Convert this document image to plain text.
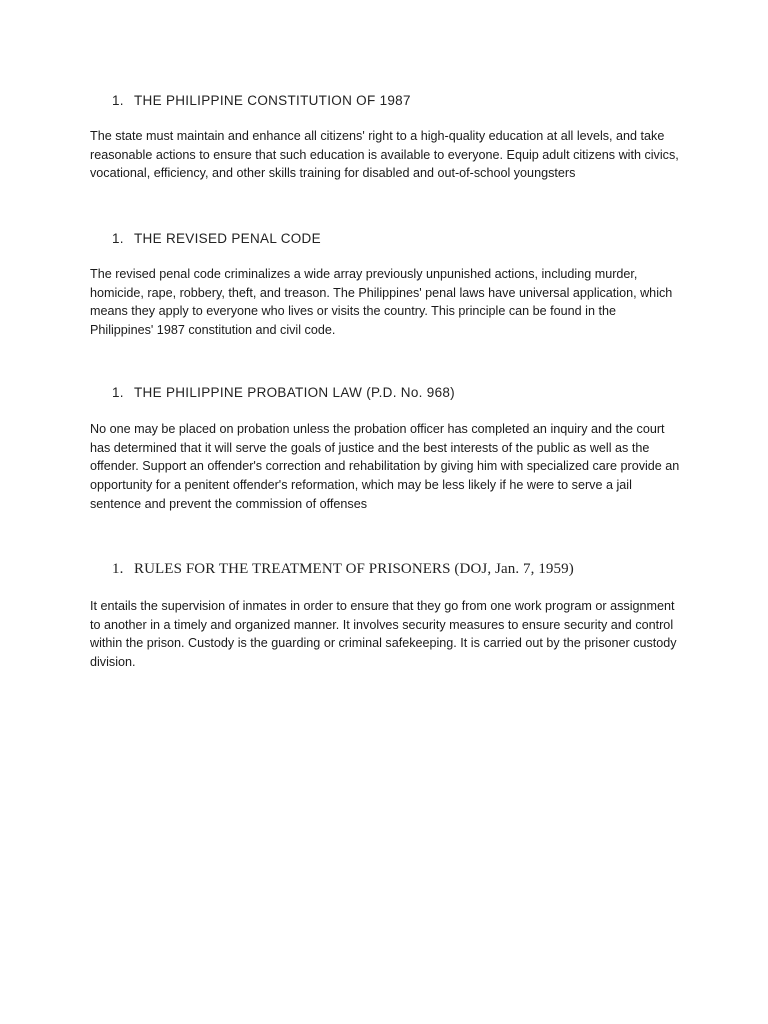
1. THE PHILIPPINE CONSTITUTION OF 1987

The state must maintain and enhance all citizens' right to a high-quality education at all levels, and take reasonable actions to ensure that such education is available to everyone. Equip adult citizens with civics, vocational, efficiency, and other skills training for disabled and out-of-school youngsters

1. THE REVISED PENAL CODE

The revised penal code criminalizes a wide array previously unpunished actions, including murder, homicide, rape, robbery, theft, and treason. The Philippines' penal laws have universal application, which means they apply to everyone who lives or visits the country. This principle can be found in the Philippines' 1987 constitution and civil code.

1. THE PHILIPPINE PROBATION LAW (P.D. No. 968)

No one may be placed on probation unless the probation officer has completed an inquiry and the court has determined that it will serve the goals of justice and the best interests of the public as well as the offender. Support an offender's correction and rehabilitation by giving him with specialized care provide an opportunity for a penitent offender's reformation, which may be less likely if he were to serve a jail sentence and prevent the commission of offenses

1. RULES FOR THE TREATMENT OF PRISONERS (DOJ, Jan. 7, 1959)

It entails the supervision of inmates in order to ensure that they go from one work program or assignment to another in a timely and organized manner. It involves security measures to ensure security and control within the prison. Custody is the guarding or criminal safekeeping. It is carried out by the prisoner custody division.
